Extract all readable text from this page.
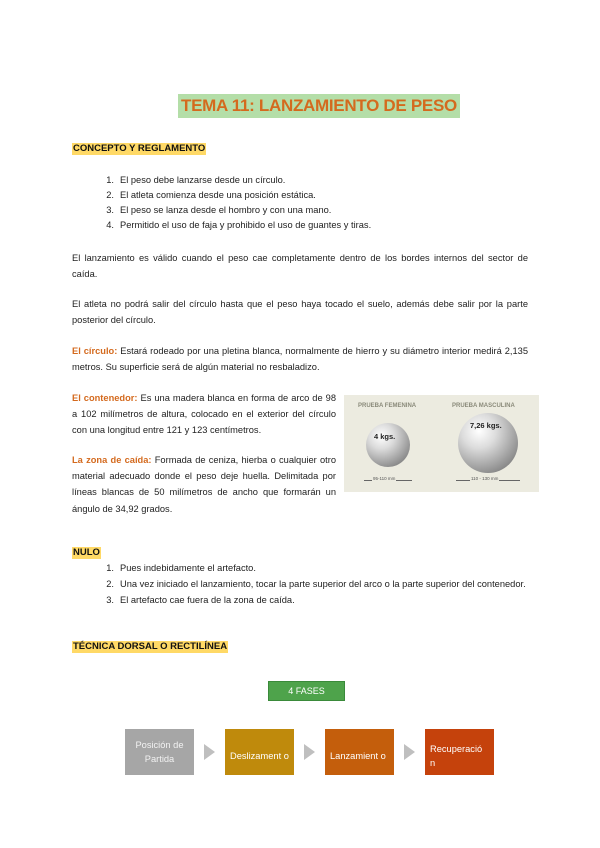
TEMA 11: LANZAMIENTO DE PESO
CONCEPTO Y REGLAMENTO
1. El peso debe lanzarse desde un círculo.
2. El atleta comienza desde una posición estática.
3. El peso se lanza desde el hombro y con una mano.
4. Permitido el uso de faja y prohibido el uso de guantes y tiras.
El lanzamiento es válido cuando el peso cae completamente dentro de los bordes internos del sector de caída.
El atleta no podrá salir del círculo hasta que el peso haya tocado el suelo, además debe salir por la parte posterior del círculo.
El círculo: Estará rodeado por una pletina blanca, normalmente de hierro y su diámetro interior medirá 2,135 metros. Su superficie será de algún material no resbaladizo.
El contenedor: Es una madera blanca en forma de arco de 98 a 102 milímetros de altura, colocado en el exterior del círculo con una longitud entre 121 y 123 centímetros.
La zona de caída: Formada de ceniza, hierba o cualquier otro material adecuado donde el peso deje huella. Delimitada por líneas blancas de 50 milímetros de ancho que formarán un ángulo de 34,92 grados.
PRUEBA FEMENINA	PRUEBA MASCULINA
4 kgs.
7,26 kgs.
95-110 mm	110 - 130 mm
NULO
1. Pues indebidamente el artefacto.
2. Una vez iniciado el lanzamiento, tocar la parte superior del arco o la parte superior del contenedor.
3. El artefacto cae fuera de la zona de caída.
TÉCNICA DORSAL O RECTILÍNEA
4 FASES
Posición de Partida	Deslizament o	Lanzamient o
Recuperació n
